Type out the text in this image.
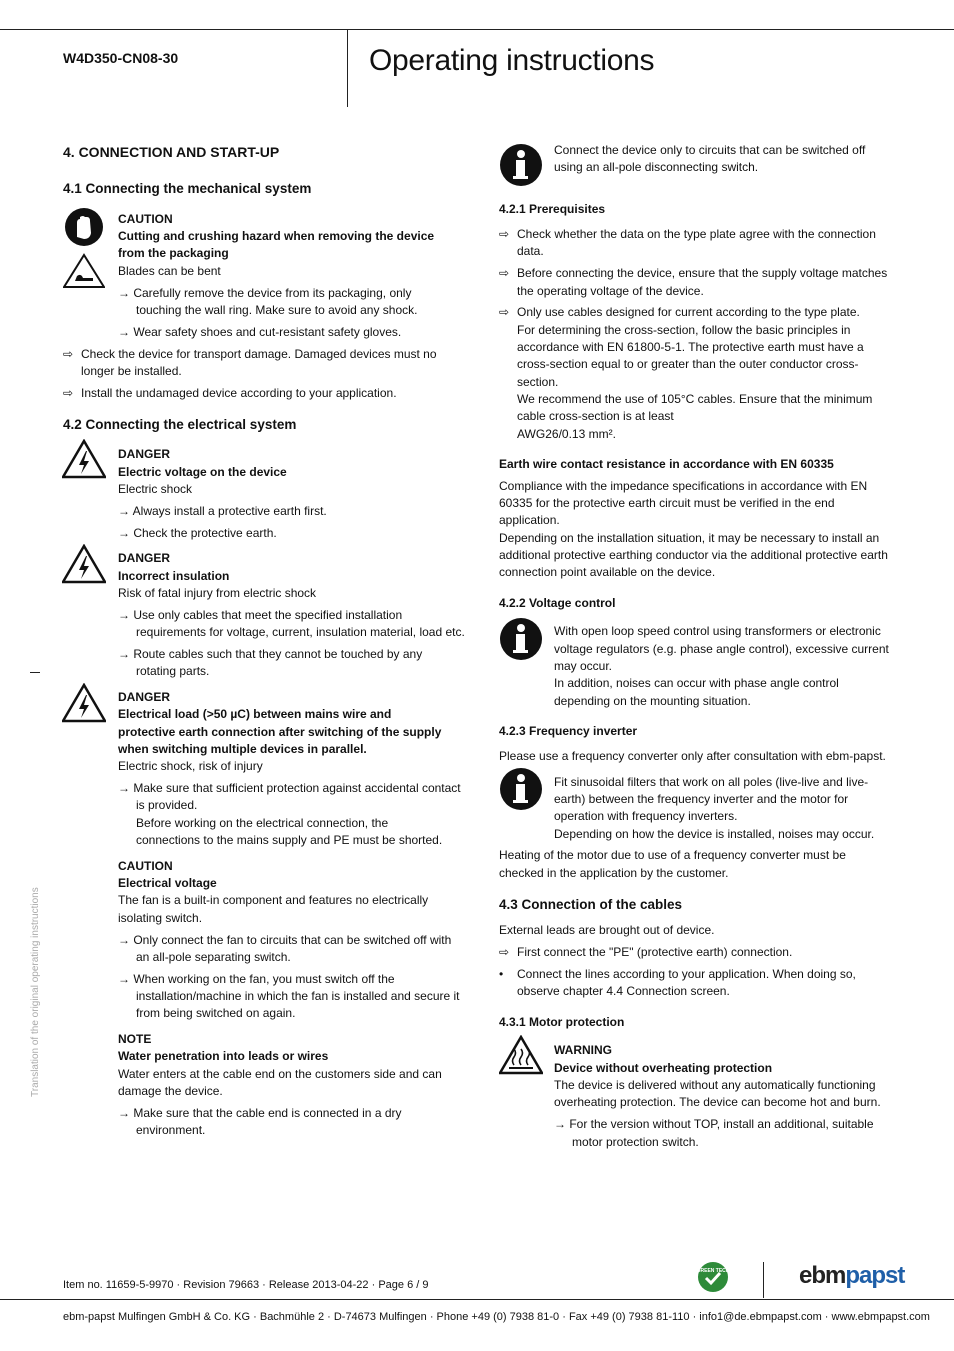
W4D350-CN08-30	Operating instructions
4. CONNECTION AND START-UP
4.1 Connecting the mechanical system
CAUTION
Cutting and crushing hazard when removing the device
from the packaging
Blades can be bent
→ Carefully remove the device from its packaging, only
touching the wall ring. Make sure to avoid any shock.
→ Wear safety shoes and cut-resistant safety gloves.
⇨ Check the device for transport damage. Damaged devices must no
longer be installed.
⇨ Install the undamaged device according to your application.
4.2 Connecting the electrical system
DANGER
Electric voltage on the device
Electric shock
→ Always install a protective earth first.
→ Check the protective earth.
DANGER
Incorrect insulation
Risk of fatal injury from electric shock
→ Use only cables that meet the specified installation
requirements for voltage, current, insulation material, load etc.
→ Route cables such that they cannot be touched by any
rotating parts.
DANGER
Electrical load (>50 µC) between mains wire and
protective earth connection after switching of the supply
when switching multiple devices in parallel.
Electric shock, risk of injury
→ Make sure that sufficient protection against accidental contact
is provided.
Before working on the electrical connection, the
connections to the mains supply and PE must be shorted.
CAUTION
Electrical voltage
The fan is a built-in component and features no electrically
isolating switch.
→ Only connect the fan to circuits that can be switched off with
an all-pole separating switch.
→ When working on the fan, you must switch off the
installation/machine in which the fan is installed and secure it
from being switched on again.
NOTE
Water penetration into leads or wires
Water enters at the cable end on the customers side and can
damage the device.
→ Make sure that the cable end is connected in a dry
environment.
Connect the device only to circuits that can be switched off
using an all-pole disconnecting switch.
4.2.1 Prerequisites
⇨ Check whether the data on the type plate agree with the connection
data.
⇨ Before connecting the device, ensure that the supply voltage matches
the operating voltage of the device.
⇨ Only use cables designed for current according to the type plate.
For determining the cross-section, follow the basic principles in
accordance with EN 61800-5-1. The protective earth must have a
cross-section equal to or greater than the outer conductor cross-
section.
We recommend the use of 105°C cables. Ensure that the minimum
cable cross-section is at least
AWG26/0.13 mm².
Earth wire contact resistance in accordance with EN 60335
Compliance with the impedance specifications in accordance with EN
60335 for the protective earth circuit must be verified in the end
application.
Depending on the installation situation, it may be necessary to install an
additional protective earthing conductor via the additional protective earth
connection point available on the device.
4.2.2 Voltage control
With open loop speed control using transformers or electronic
voltage regulators (e.g. phase angle control), excessive current
may occur.
In addition, noises can occur with phase angle control
depending on the mounting situation.
4.2.3 Frequency inverter
Please use a frequency converter only after consultation with ebm-papst.
Fit sinusoidal filters that work on all poles (live-live and live-
earth) between the frequency inverter and the motor for
operation with frequency inverters.
Depending on how the device is installed, noises may occur.
Heating of the motor due to use of a frequency converter must be
checked in the application by the customer.
4.3 Connection of the cables
External leads are brought out of device.
⇨ First connect the "PE" (protective earth) connection.
• Connect the lines according to your application. When doing so,
observe chapter 4.4 Connection screen.
4.3.1 Motor protection
WARNING
Device without overheating protection
The device is delivered without any automatically functioning
overheating protection. The device can become hot and burn.
→ For the version without TOP, install an additional, suitable
motor protection switch.
Translation of the original operating instructions
Item no. 11659-5-9970 · Revision 79663 · Release 2013-04-22 · Page 6 / 9
GREEN TECH	ebmpapst
ebm-papst Mulfingen GmbH & Co. KG · Bachmühle 2 · D-74673 Mulfingen · Phone +49 (0) 7938 81-0 · Fax +49 (0) 7938 81-110 · info1@de.ebmpapst.com · www.ebmpapst.com
